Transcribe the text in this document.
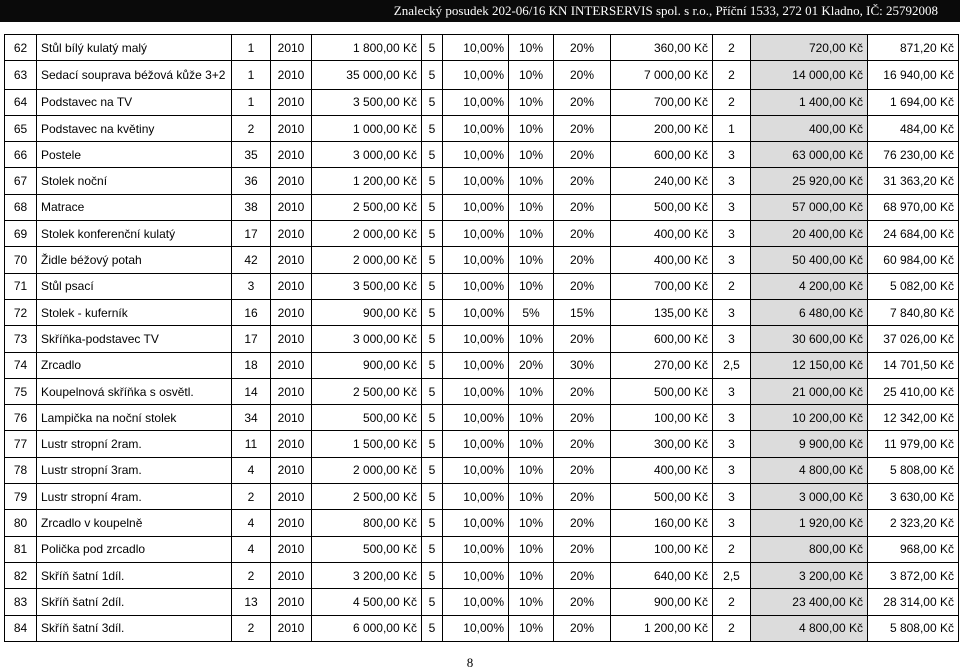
Znalecký posudek 202-06/16 KN INTERSERVIS spol. s r.o., Příční 1533, 272 01 Kladno, IČ: 25792008
62	Stůl bílý kulatý malý	1	2010	1 800,00 Kč	5	10,00%	10%	20%	360,00 Kč	2	720,00 Kč	871,20 Kč
63	Sedací souprava béžová kůže 3+2	1	2010	35 000,00 Kč	5	10,00%	10%	20%	7 000,00 Kč	2	14 000,00 Kč	16 940,00 Kč
64	Podstavec na TV	1	2010	3 500,00 Kč	5	10,00%	10%	20%	700,00 Kč	2	1 400,00 Kč	1 694,00 Kč
65	Podstavec na květiny	2	2010	1 000,00 Kč	5	10,00%	10%	20%	200,00 Kč	1	400,00 Kč	484,00 Kč
66	Postele	35	2010	3 000,00 Kč	5	10,00%	10%	20%	600,00 Kč	3	63 000,00 Kč	76 230,00 Kč
67	Stolek noční	36	2010	1 200,00 Kč	5	10,00%	10%	20%	240,00 Kč	3	25 920,00 Kč	31 363,20 Kč
68	Matrace	38	2010	2 500,00 Kč	5	10,00%	10%	20%	500,00 Kč	3	57 000,00 Kč	68 970,00 Kč
69	Stolek konferenční kulatý	17	2010	2 000,00 Kč	5	10,00%	10%	20%	400,00 Kč	3	20 400,00 Kč	24 684,00 Kč
70	Židle béžový potah	42	2010	2 000,00 Kč	5	10,00%	10%	20%	400,00 Kč	3	50 400,00 Kč	60 984,00 Kč
71	Stůl psací	3	2010	3 500,00 Kč	5	10,00%	10%	20%	700,00 Kč	2	4 200,00 Kč	5 082,00 Kč
72	Stolek - kuferník	16	2010	900,00 Kč	5	10,00%	5%	15%	135,00 Kč	3	6 480,00 Kč	7 840,80 Kč
73	Skříňka-podstavec TV	17	2010	3 000,00 Kč	5	10,00%	10%	20%	600,00 Kč	3	30 600,00 Kč	37 026,00 Kč
74	Zrcadlo	18	2010	900,00 Kč	5	10,00%	20%	30%	270,00 Kč	2,5	12 150,00 Kč	14 701,50 Kč
75	Koupelnová skříňka s osvětl.	14	2010	2 500,00 Kč	5	10,00%	10%	20%	500,00 Kč	3	21 000,00 Kč	25 410,00 Kč
76	Lampička na noční stolek	34	2010	500,00 Kč	5	10,00%	10%	20%	100,00 Kč	3	10 200,00 Kč	12 342,00 Kč
77	Lustr stropní 2ram.	11	2010	1 500,00 Kč	5	10,00%	10%	20%	300,00 Kč	3	9 900,00 Kč	11 979,00 Kč
78	Lustr stropní 3ram.	4	2010	2 000,00 Kč	5	10,00%	10%	20%	400,00 Kč	3	4 800,00 Kč	5 808,00 Kč
79	Lustr stropní 4ram.	2	2010	2 500,00 Kč	5	10,00%	10%	20%	500,00 Kč	3	3 000,00 Kč	3 630,00 Kč
80	Zrcadlo v koupelně	4	2010	800,00 Kč	5	10,00%	10%	20%	160,00 Kč	3	1 920,00 Kč	2 323,20 Kč
81	Polička pod zrcadlo	4	2010	500,00 Kč	5	10,00%	10%	20%	100,00 Kč	2	800,00 Kč	968,00 Kč
82	Skříň šatní 1díl.	2	2010	3 200,00 Kč	5	10,00%	10%	20%	640,00 Kč	2,5	3 200,00 Kč	3 872,00 Kč
83	Skříň šatní 2díl.	13	2010	4 500,00 Kč	5	10,00%	10%	20%	900,00 Kč	2	23 400,00 Kč	28 314,00 Kč
84	Skříň šatní 3díl.	2	2010	6 000,00 Kč	5	10,00%	10%	20%	1 200,00 Kč	2	4 800,00 Kč	5 808,00 Kč
8
